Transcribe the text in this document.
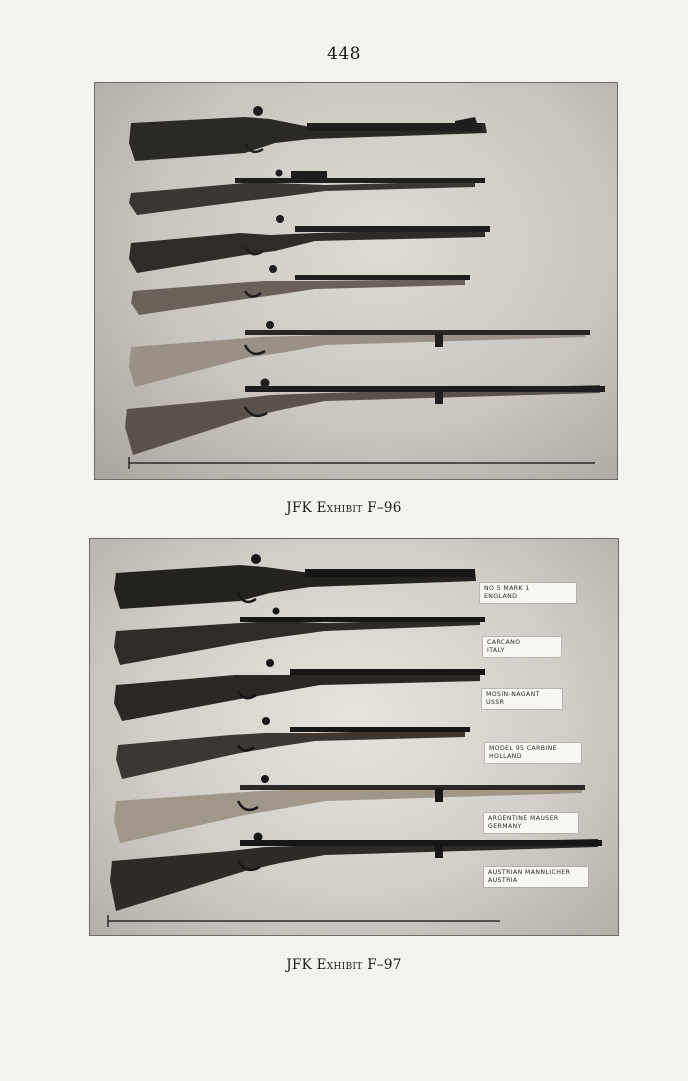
448
JFK Exhibit F–96
NO 5 MARK 1
ENGLAND
CARCANO
ITALY
MOSIN-NAGANT
USSR
MODEL 95 CARBINE
HOLLAND
ARGENTINE MAUSER
GERMANY
AUSTRIAN MANNLICHER
AUSTRIA
JFK Exhibit F–97
